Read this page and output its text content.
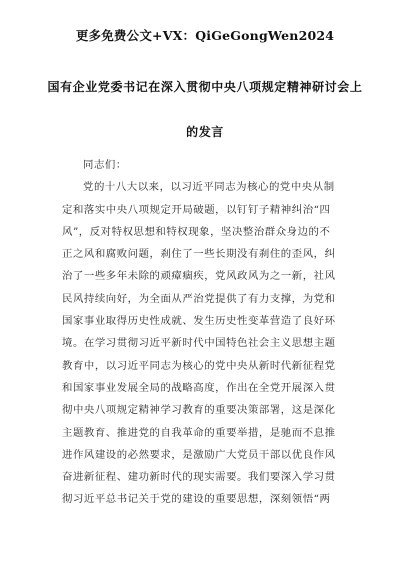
更多免费公文+VX：QiGeGongWen2024
国有企业党委书记在深入贯彻中央八项规定精神研讨会上
的发言
同志们：
党的十八大以来，以习近平同志为核心的党中央从制
定和落实中央八项规定开局破题，以钉钉子精神纠治“四
风”，反对特权思想和特权现象，坚决整治群众身边的不
正之风和腐败问题，刹住了一些长期没有刹住的歪风，纠
治了一些多年未除的顽瘴痼疾，党风政风为之一新，社风
民风持续向好，为全面从严治党提供了有力支撑，为党和
国家事业取得历史性成就、发生历史性变革营造了良好环
境。在学习贯彻习近平新时代中国特色社会主义思想主题
教育中，以习近平同志为核心的党中央从新时代新征程党
和国家事业发展全局的战略高度，作出在全党开展深入贯
彻中央八项规定精神学习教育的重要决策部署，这是深化
主题教育、推进党的自我革命的重要举措，是驰而不息推
进作风建设的必然要求，是激励广大党员干部以优良作风
奋进新征程、建功新时代的现实需要。我们要深入学习贯
彻习近平总书记关于党的建设的重要思想，深刻领悟“两
